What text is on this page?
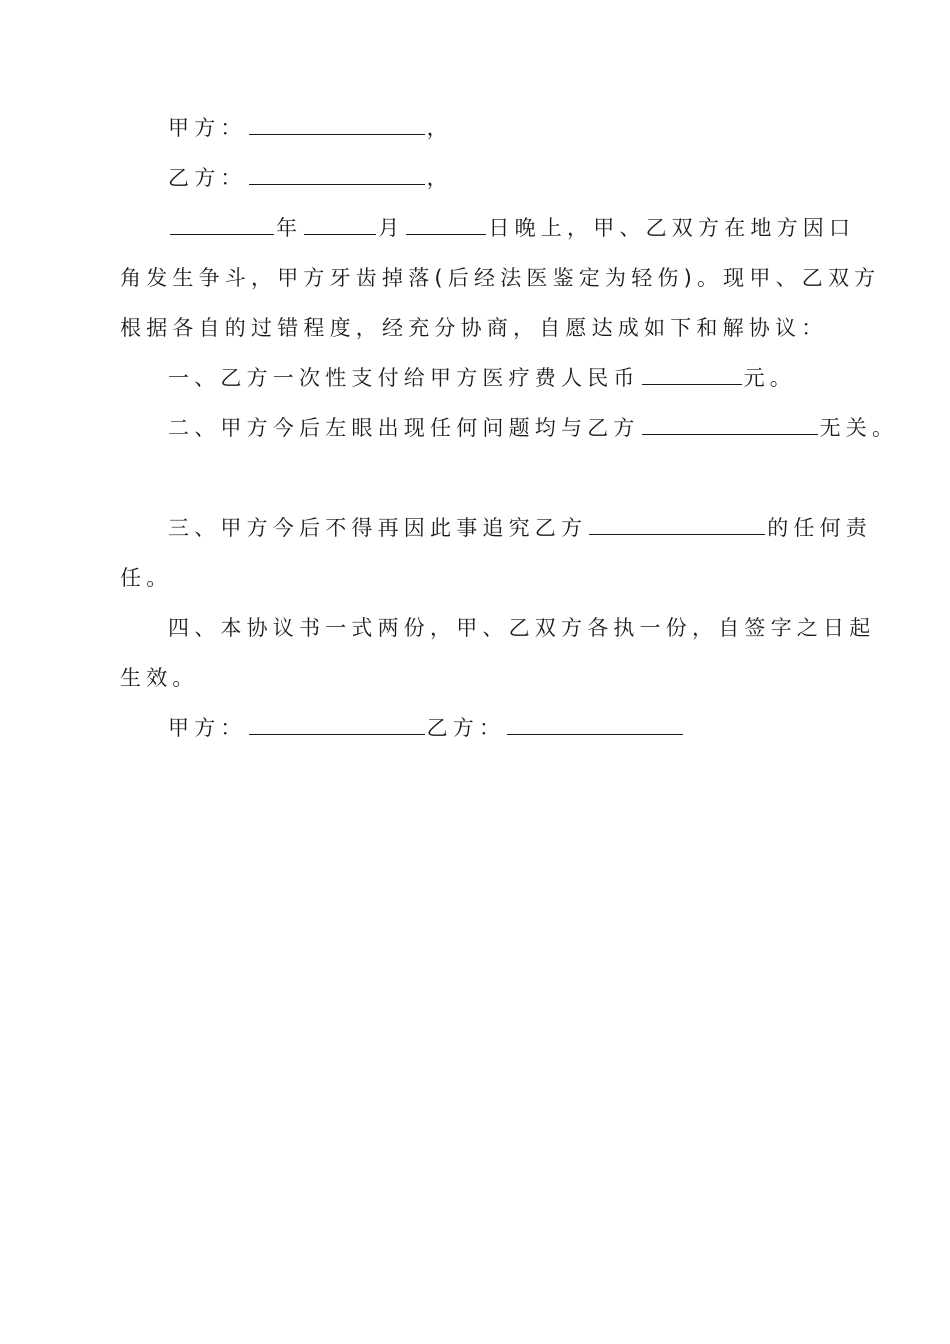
甲方：	，
乙方：	，
年	月	日晚上，甲、乙双方在地方因口
角发生争斗，甲方牙齿掉落(后经法医鉴定为轻伤)。现甲、乙双方
根据各自的过错程度，经充分协商，自愿达成如下和解协议：
一、乙方一次性支付给甲方医疗费人民币	元。
二、甲方今后左眼出现任何问题均与乙方	无关。
三、甲方今后不得再因此事追究乙方	的任何责
任。
四、本协议书一式两份，甲、乙双方各执一份，自签字之日起
生效。
甲方：	乙方：
